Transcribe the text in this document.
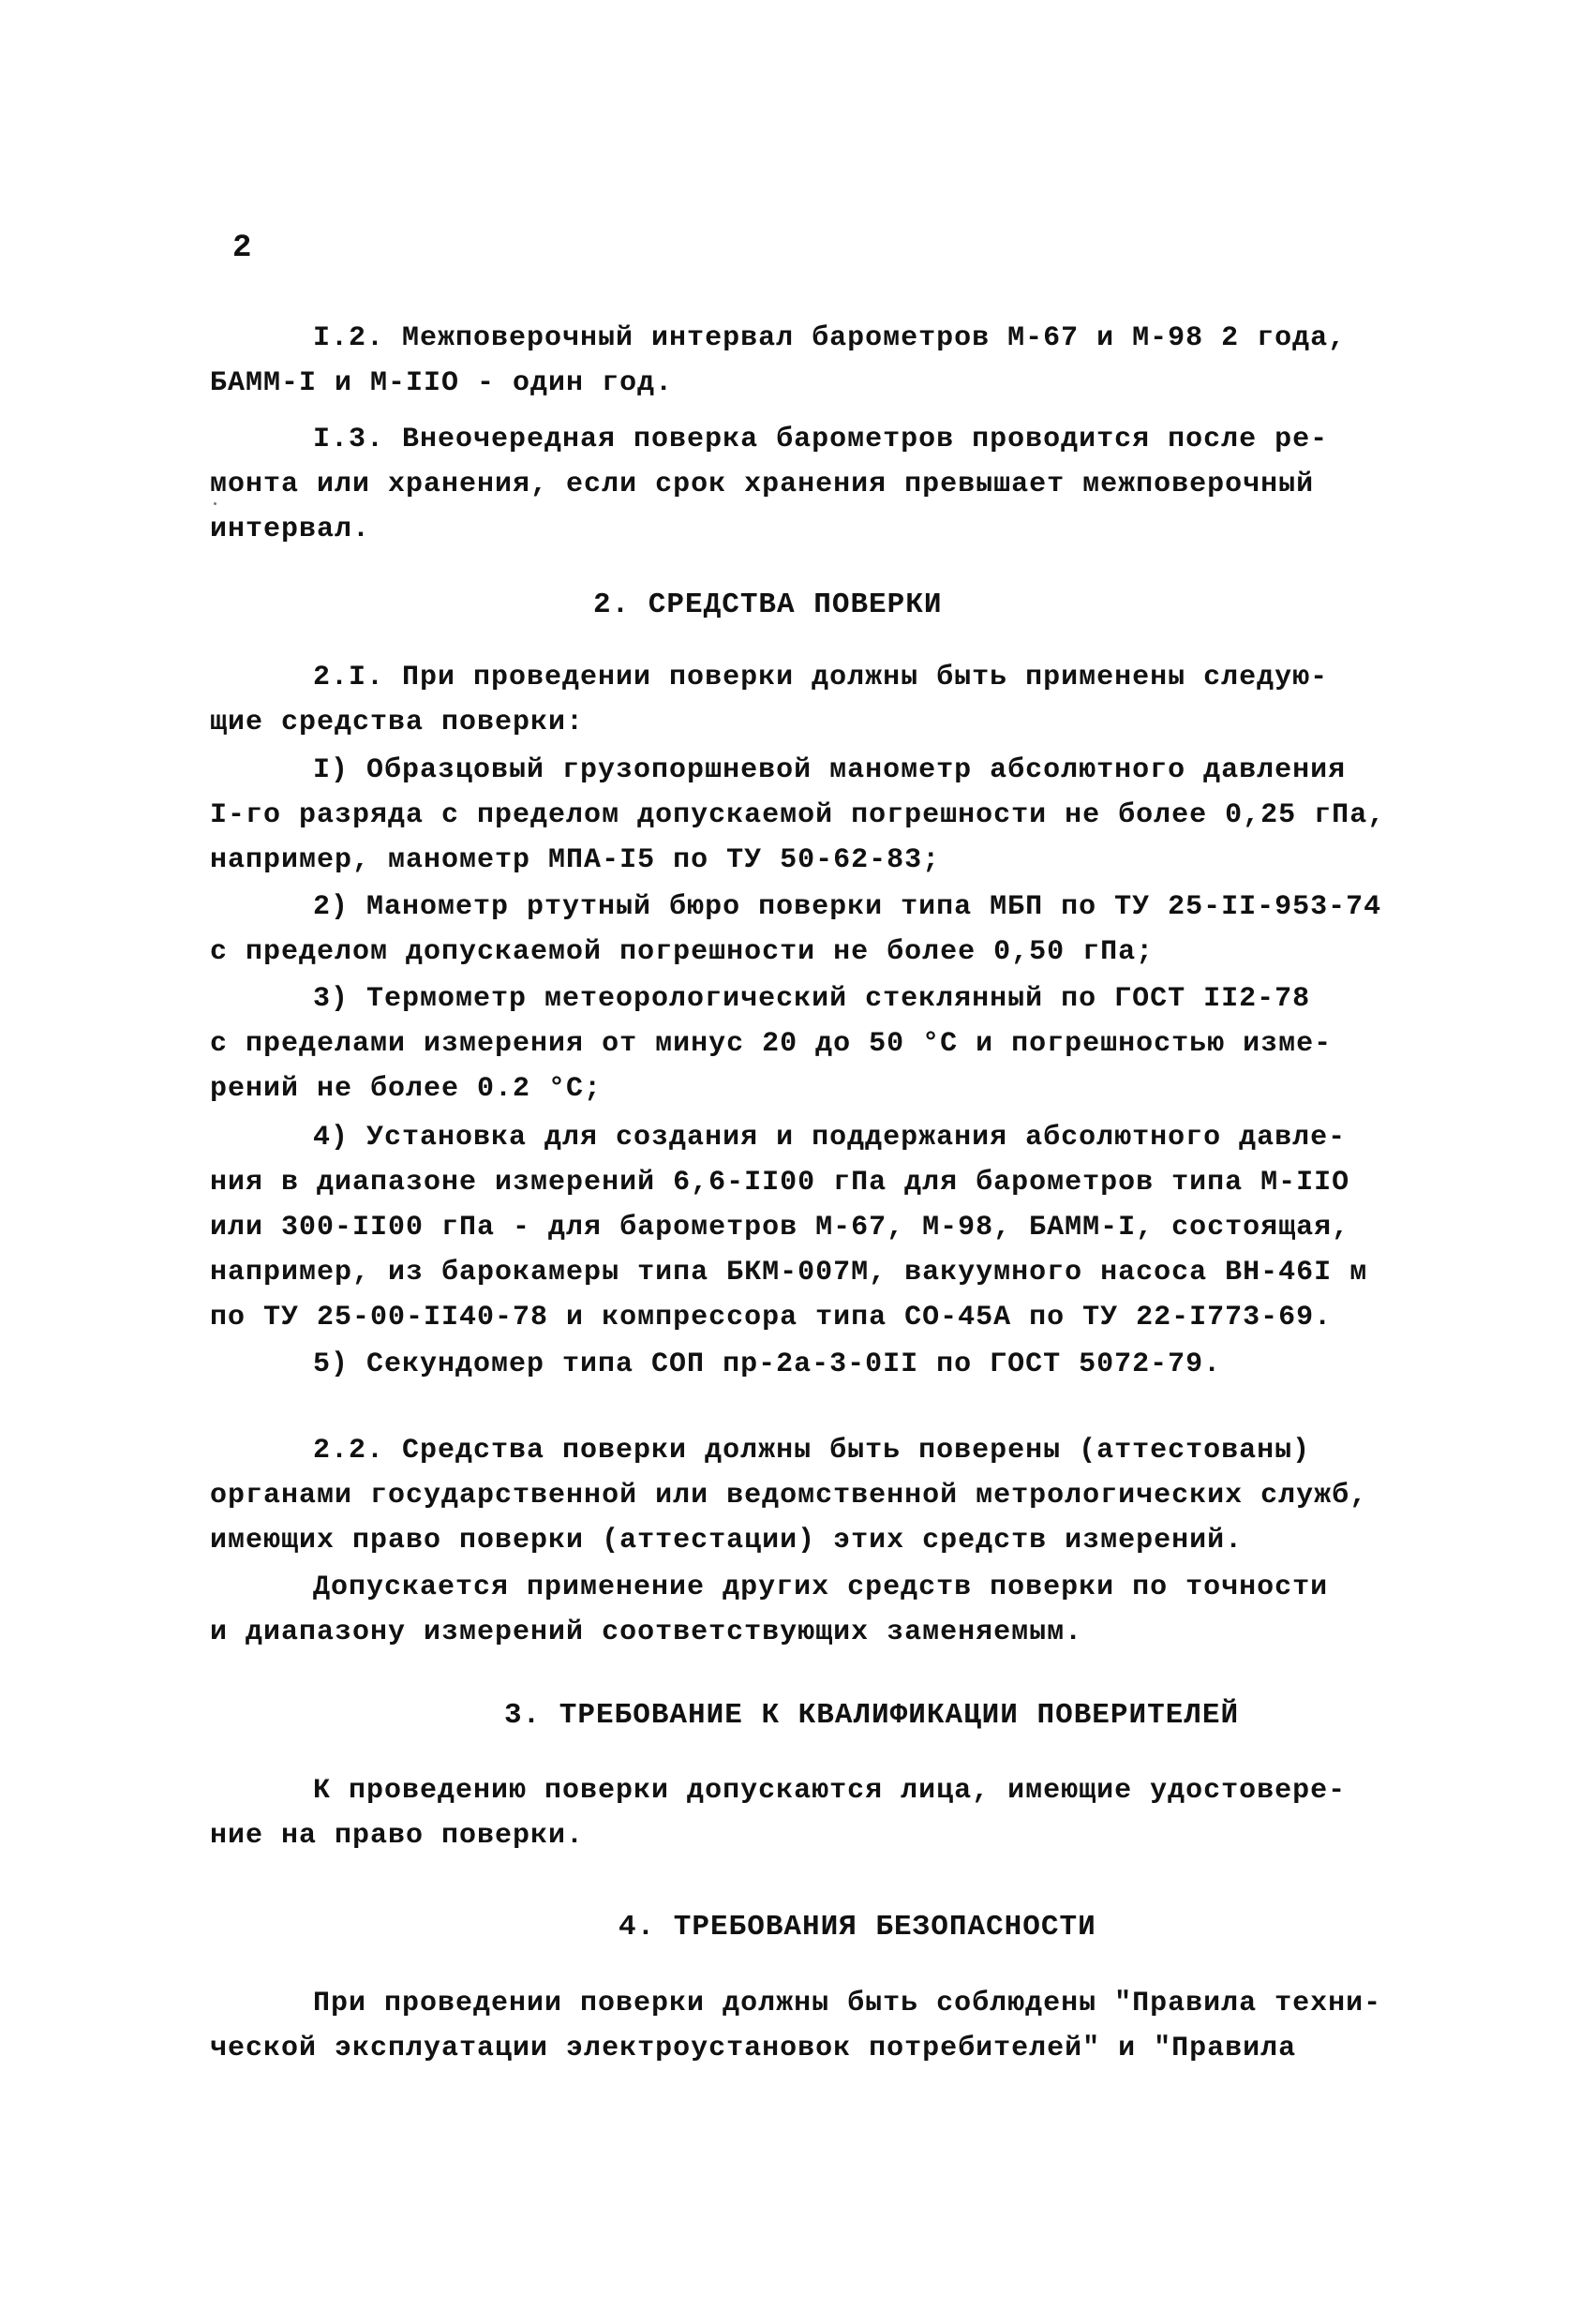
2
I.2. Межповерочный интервал барометров М-67 и М-98 2 года,
БАММ-I и М-IIO - один год.
I.3. Внеочередная поверка барометров проводится после ре-
монта или хранения, если срок хранения превышает межповерочный
интервал.
2. СРЕДСТВА ПОВЕРКИ
2.I. При проведении поверки должны быть применены следую-
щие средства поверки:
I) Образцовый грузопоршневой манометр абсолютного давления
I-го разряда с пределом допускаемой погрешности не более 0,25 гПа,
например, манометр МПА-I5 по ТУ 50-62-83;
2) Манометр ртутный бюро поверки типа МБП по ТУ 25-II-953-74
с пределом допускаемой погрешности не более 0,50 гПа;
3) Термометр метеорологический стеклянный по ГОСТ II2-78
с пределами измерения от минус 20 до 50 °C и погрешностью изме-
рений не более 0.2 °C;
4) Установка для создания и поддержания абсолютного давле-
ния в диапазоне измерений 6,6-II00 гПа для барометров типа М-IIO
или 300-II00 гПа - для барометров М-67, М-98, БАММ-I, состоящая,
например, из барокамеры типа БКМ-007М, вакуумного насоса ВН-46I м
по ТУ 25-00-II40-78 и компрессора типа СО-45А по ТУ 22-I773-69.
5) Секундомер типа СОП пр-2а-3-0II по ГОСТ 5072-79.
2.2. Средства поверки должны быть поверены (аттестованы)
органами государственной или ведомственной метрологических служб,
имеющих право поверки (аттестации) этих средств измерений.
Допускается применение других средств поверки по точности
и диапазону измерений соответствующих заменяемым.
3. ТРЕБОВАНИЕ К КВАЛИФИКАЦИИ ПОВЕРИТЕЛЕЙ
К проведению поверки допускаются лица, имеющие удостовере-
ние на право поверки.
4. ТРЕБОВАНИЯ БЕЗОПАСНОСТИ
При проведении поверки должны быть соблюдены "Правила техни-
ческой эксплуатации электроустановок потребителей" и "Правила
